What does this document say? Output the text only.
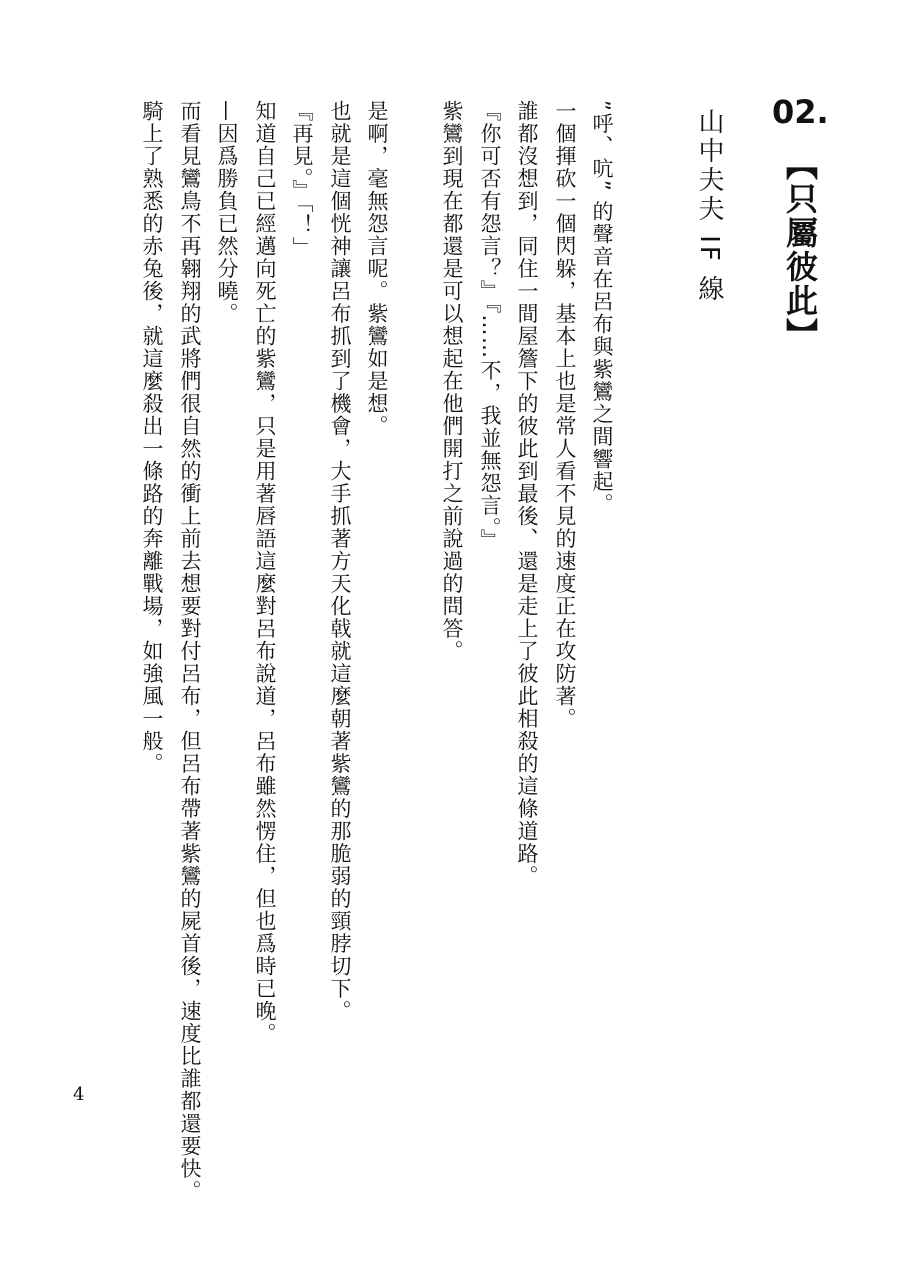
02.
【只屬彼此】
山中夫夫 IF 線
”呼、吭” 的聲音在呂布與紫鸞之間響起。
一個揮砍一個閃躲，基本上也是常人看不見的速度正在攻防著。
誰都沒想到，同住一間屋簷下的彼此到最後、還是走上了彼此相殺的這條道路。
『你可否有怨言？』『……不，我並無怨言。』
紫鸞到現在都還是可以想起在他們開打之前說過的問答。
是啊，毫無怨言呢。紫鸞如是想。
也就是這個恍神讓呂布抓到了機會，大手抓著方天化戟就這麼朝著紫鸞的那脆弱的頸脖切下。
『再見。』「！」
知道自己已經邁向死亡的紫鸞，只是用著唇語這麼對呂布說道，呂布雖然愣住，但也爲時已晚。
—因爲勝負已然分曉。
而看見鸞鳥不再翱翔的武將們很自然的衝上前去想要對付呂布，但呂布帶著紫鸞的屍首後，速度比誰都還要快。
騎上了熟悉的赤兔後，就這麼殺出一條路的奔離戰場，如強風一般。
4
